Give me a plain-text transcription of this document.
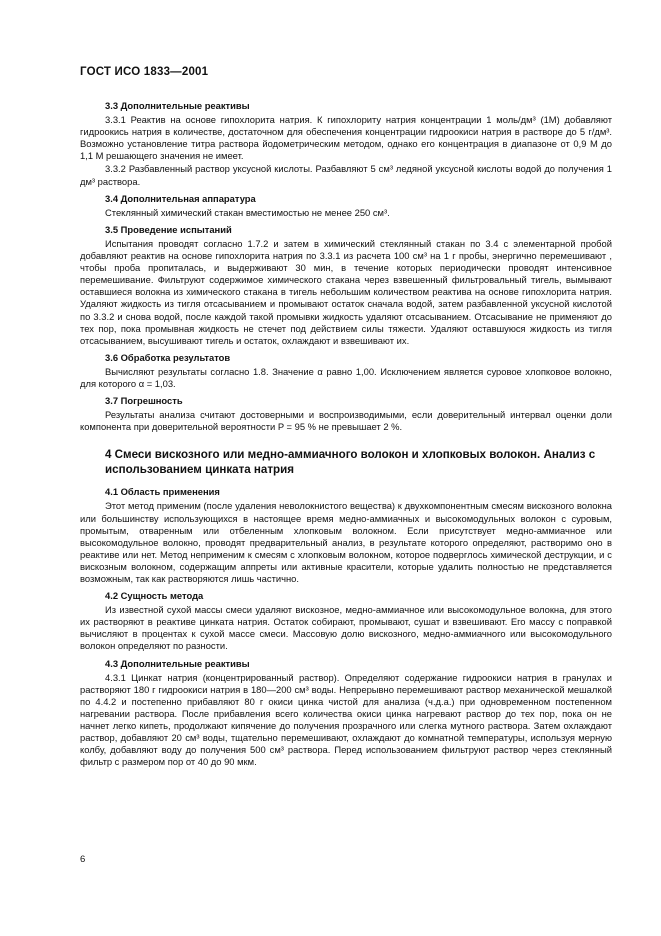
ГОСТ ИСО 1833—2001
3.3 Дополнительные реактивы

3.3.1 Реактив на основе гипохлорита натрия. К гипохлориту натрия концентрации 1 моль/дм³ (1М) добавляют гидроокись натрия в количестве, достаточном для обеспечения концентрации гидроокиси натрия в растворе до 5 г/дм³. Возможно установление титра раствора йодометрическим методом, однако его концентрация в диапазоне от 0,9 М до 1,1 М решающего значения не имеет.

3.3.2 Разбавленный раствор уксусной кислоты. Разбавляют 5 см³ ледяной уксусной кислоты водой до получения 1 дм³ раствора.

3.4 Дополнительная аппаратура

Стеклянный химический стакан вместимостью не менее 250 см³.

3.5 Проведение испытаний

Испытания проводят согласно 1.7.2 и затем в химический стеклянный стакан по 3.4 с элементарной пробой добавляют реактив на основе гипохлорита натрия по 3.3.1 из расчета 100 см³ на 1 г пробы, энергично перемешивают , чтобы проба пропиталась, и выдерживают 30 мин, в течение которых периодически проводят интенсивное перемешивание. Фильтруют содержимое химического стакана через взвешенный фильтровальный тигель, вымывают оставшиеся волокна из химического стакана в тигель небольшим количеством реактива на основе гипохлорита натрия. Удаляют жидкость из тигля отсасыванием и промывают остаток сначала водой, затем разбавленной уксусной кислотой по 3.3.2 и снова водой, после каждой такой промывки жидкость удаляют отсасыванием. Отсасывание не применяют до тех пор, пока промывная жидкость не стечет под действием силы тяжести. Удаляют оставшуюся жидкость из тигля отсасыванием, высушивают тигель и остаток, охлаждают и взвешивают их.

3.6 Обработка результатов

Вычисляют результаты согласно 1.8. Значение α равно 1,00. Исключением является суровое хлопковое волокно, для которого α = 1,03.

3.7 Погрешность

Результаты анализа считают достоверными и воспроизводимыми, если доверительный интервал оценки доли компонента при доверительной вероятности P = 95 % не превышает 2 %.

4 Смеси вискозного или медно-аммиачного волокон и хлопковых волокон. Анализ с использованием цинката натрия
4.1 Область применения

Этот метод применим (после удаления неволокнистого вещества) к двухкомпонентным смесям вискозного волокна или большинству использующихся в настоящее время медно-аммиачных и высокомодульных волокон с суровым, промытым, отваренным или отбеленным хлопковым волокном. Если присутствует медно-аммиачное или высокомодульное волокно, проводят предварительный анализ, в результате которого определяют, растворимо оно в реактиве или нет. Метод неприменим к смесям с хлопковым волокном, которое подверглось химической деструкции, и с вискозным волокном, содержащим аппреты или активные красители, которые удалить полностью не представляется возможным, так как растворяются лишь частично.

4.2 Сущность метода

Из известной сухой массы смеси удаляют вискозное, медно-аммиачное или высокомодульное волокна, для этого их растворяют в реактиве цинката натрия. Остаток собирают, промывают, сушат и взвешивают. Его массу с поправкой вычисляют в процентах к сухой массе смеси. Массовую долю вискозного, медно-аммиачного или высокомодульного волокон определяют по разности.

4.3 Дополнительные реактивы

4.3.1 Цинкат натрия (концентрированный раствор). Определяют содержание гидроокиси натрия в гранулах и растворяют 180 г гидроокиси натрия в 180—200 см³ воды. Непрерывно перемешивают раствор механической мешалкой по 4.4.2 и постепенно прибавляют 80 г окиси цинка чистой для анализа (ч.д.а.) при одновременном постепенном нагревании раствора. После прибавления всего количества окиси цинка нагревают раствор до тех пор, пока он не начнет легко кипеть, продолжают кипячение до получения прозрачного или слегка мутного раствора. Затем охлаждают раствор, добавляют 20 см³ воды, тщательно перемешивают, охлаждают до комнатной температуры, используя мерную колбу, добавляют воду до получения 500 см³ раствора. Перед использованием фильтруют раствор через стеклянный фильтр с размером пор от 40 до 90 мкм.

6
